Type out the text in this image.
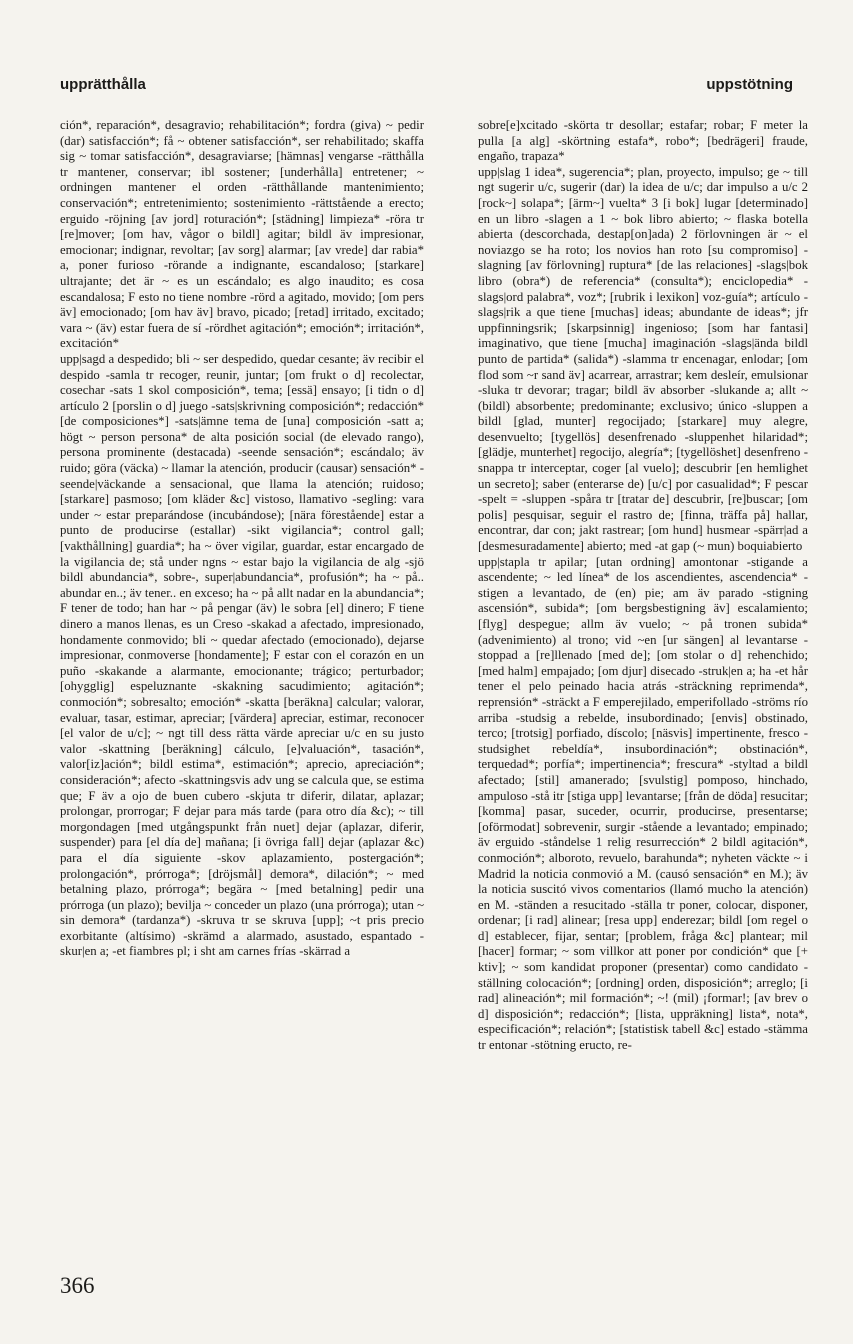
upprätthålla	uppstötning

ción*, reparación*, desagravio; rehabilitación*; fordra (giva) ~ pedir (dar) satisfacción*; få ~ obtener satisfacción*, ser rehabilitado; skaffa sig ~ tomar satisfacción*, desagraviarse; [hämnas] vengarse -rätthålla tr mantener, conservar; ibl sostener; [underhålla] entretener; ~ ordningen mantener el orden -rätthållande mantenimiento; conservación*; entretenimiento; sostenimiento -rättstående a erecto; erguido -röjning [av jord] roturación*; [städning] limpieza* -röra tr [re]mover; [om hav, vågor o bildl] agitar; bildl äv impresionar, emocionar; indignar, revoltar; [av sorg] alarmar; [av vrede] dar rabia* a, poner furioso -rörande a indignante, escandaloso; [starkare] ultrajante; det är ~ es un escándalo; es algo inaudito; es cosa escandalosa; F esto no tiene nombre -rörd a agitado, movido; [om pers äv] emocionado; [om hav äv] bravo, picado; [retad] irritado, excitado; vara ~ (äv) estar fuera de sí -rördhet agitación*; emoción*; irritación*, excitación*

upp|sagd a despedido; bli ~ ser despedido, quedar cesante; äv recibir el despido -samla tr recoger, reunir, juntar; [om frukt o d] recolectar, cosechar -sats 1 skol composición*, tema; [essä] ensayo; [i tidn o d] artículo 2 [porslin o d] juego -sats|skrivning composición*; redacción* [de composiciones*] -sats|ämne tema de [una] composición -satt a; högt ~ person persona* de alta posición social (de elevado rango), persona prominente (destacada) -seende sensación*; escándalo; äv ruido; göra (väcka) ~ llamar la atención, producir (causar) sensación* -seende|väckande a sensacional, que llama la atención; ruidoso; [starkare] pasmoso; [om kläder &c] vistoso, llamativo -segling: vara under ~ estar preparándose (incubándose); [nära förestående] estar a punto de producirse (estallar) -sikt vigilancia*; control gall; [vakthållning] guardia*; ha ~ över vigilar, guardar, estar encargado de la vigilancia de; stå under ngns ~ estar bajo la vigilancia de alg -sjö bildl abundancia*, sobre-, super|abundancia*, profusión*; ha ~ på.. abundar en..; äv tener.. en exceso; ha ~ på allt nadar en la abundancia*; F tener de todo; han har ~ på pengar (äv) le sobra [el] dinero; F tiene dinero a manos llenas, es un Creso -skakad a afectado, impresionado, hondamente conmovido; bli ~ quedar afectado (emocionado), dejarse impresionar, conmoverse [hondamente]; F estar con el corazón en un puño -skakande a alarmante, emocionante; trágico; perturbador; [ohygglig] espeluznante -skakning sacudimiento; agitación*; conmoción*; sobresalto; emoción* -skatta [beräkna] calcular; valorar, evaluar, tasar, estimar, apreciar; [värdera] apreciar, estimar, reconocer [el valor de u/c]; ~ ngt till dess rätta värde apreciar u/c en su justo valor -skattning [beräkning] cálculo, [e]valuación*, tasación*, valor[iz]ación*; bildl estima*, estimación*; aprecio, apreciación*; consideración*; afecto -skattningsvis adv ung se calcula que, se estima que; F äv a ojo de buen cubero -skjuta tr diferir, dilatar, aplazar; prolongar, prorrogar; F dejar para más tarde (para otro día &c); ~ till morgondagen [med utgångspunkt från nuet] dejar (aplazar, diferir, suspender) para [el día de] mañana; [i övriga fall] dejar (aplazar &c) para el día siguiente -skov aplazamiento, postergación*; prolongación*, prórroga*; [dröjsmål] demora*, dilación*; ~ med betalning plazo, prórroga*; begära ~ [med betalning] pedir una prórroga (un plazo); bevilja ~ conceder un plazo (una prórroga); utan ~ sin demora* (tardanza*) -skruva tr se skruva [upp]; ~t pris precio exorbitante (altísimo) -skrämd a alarmado, asustado, espantado -skur|en a; -et fiambres pl; i sht am carnes frías -skärrad a

sobre[e]xcitado -skörta tr desollar; estafar; robar; F meter la pulla [a alg] -skörtning estafa*, robo*; [bedrägeri] fraude, engaño, trapaza*

upp|slag 1 idea*, sugerencia*; plan, proyecto, impulso; ge ~ till ngt sugerir u/c, sugerir (dar) la idea de u/c; dar impulso a u/c 2 [rock~] solapa*; [ärm~] vuelta* 3 [i bok] lugar [determinado] en un libro -slagen a 1 ~ bok libro abierto; ~ flaska botella abierta (descorchada, destap[on]ada) 2 förlovningen är ~ el noviazgo se ha roto; los novios han roto [su compromiso] -slagning [av förlovning] ruptura* [de las relaciones] -slags|bok libro (obra*) de referencia* (consulta*); enciclopedia* -slags|ord palabra*, voz*; [rubrik i lexikon] voz-guía*; artículo -slags|rik a que tiene [muchas] ideas; abundante de ideas*; jfr uppfinningsrik; [skarpsinnig] ingenioso; [som har fantasi] imaginativo, que tiene [mucha] imaginación -slags|ända bildl punto de partida* (salida*) -slamma tr encenagar, enlodar; [om flod som ~r sand äv] acarrear, arrastrar; kem desleír, emulsionar -sluka tr devorar; tragar; bildl äv absorber -slukande a; allt ~ (bildl) absorbente; predominante; exclusivo; único -sluppen a bildl [glad, munter] regocijado; [starkare] muy alegre, desenvuelto; [tygellös] desenfrenado -sluppenhet hilaridad*; [glädje, munterhet] regocijo, alegría*; [tygellöshet] desenfreno -snappa tr interceptar, coger [al vuelo]; descubrir [en hemlighet un secreto]; saber (enterarse de) [u/c] por casualidad*; F pescar -spelt = -sluppen -spåra tr [tratar de] descubrir, [re]buscar; [om polis] pesquisar, seguir el rastro de; [finna, träffa på] hallar, encontrar, dar con; jakt rastrear; [om hund] husmear -spärr|ad a [desmesuradamente] abierto; med -at gap (~ mun) boquiabierto

upp|stapla tr apilar; [utan ordning] amontonar -stigande a ascendente; ~ led línea* de los ascendientes, ascendencia* -stigen a levantado, de (en) pie; am äv parado -stigning ascensión*, subida*; [om bergsbestigning äv] escalamiento; [flyg] despegue; allm äv vuelo; ~ på tronen subida* (advenimiento) al trono; vid ~en [ur sängen] al levantarse -stoppad a [re]llenado [med de]; [om stolar o d] rehenchido; [med halm] empajado; [om djur] disecado -struk|en a; ha -et hår tener el pelo peinado hacia atrás -sträckning reprimenda*, reprensión* -sträckt a F emperejilado, emperifollado -ströms río arriba -studsig a rebelde, insubordinado; [envis] obstinado, terco; [trotsig] porfiado, díscolo; [näsvis] impertinente, fresco -studsighet rebeldía*, insubordinación*; obstinación*, terquedad*; porfía*; impertinencia*; frescura* -styltad a bildl afectado; [stil] amanerado; [svulstig] pomposo, hinchado, ampuloso -stå itr [stiga upp] levantarse; [från de döda] resucitar; [komma] pasar, suceder, ocurrir, producirse, presentarse; [oförmodat] sobrevenir, surgir -stående a levantado; empinado; äv erguido -ståndelse 1 relig resurrección* 2 bildl agitación*, conmoción*; alboroto, revuelo, barahunda*; nyheten väckte ~ i Madrid la noticia conmovió a M. (causó sensación* en M.); äv la noticia suscitó vivos comentarios (llamó mucho la atención) en M. -ständen a resucitado -ställa tr poner, colocar, disponer, ordenar; [i rad] alinear; [resa upp] enderezar; bildl [om regel o d] establecer, fijar, sentar; [problem, fråga &c] plantear; mil [hacer] formar; ~ som villkor att poner por condición* que [+ ktiv]; ~ som kandidat proponer (presentar) como candidato -ställning colocación*; [ordning] orden, disposición*; arreglo; [i rad] alineación*; mil formación*; ~! (mil) ¡formar!; [av brev o d] disposición*; redacción*; [lista, uppräkning] lista*, nota*, especificación*; relación*; [statistisk tabell &c] estado -stämma tr entonar -stötning eructo, re-

366
